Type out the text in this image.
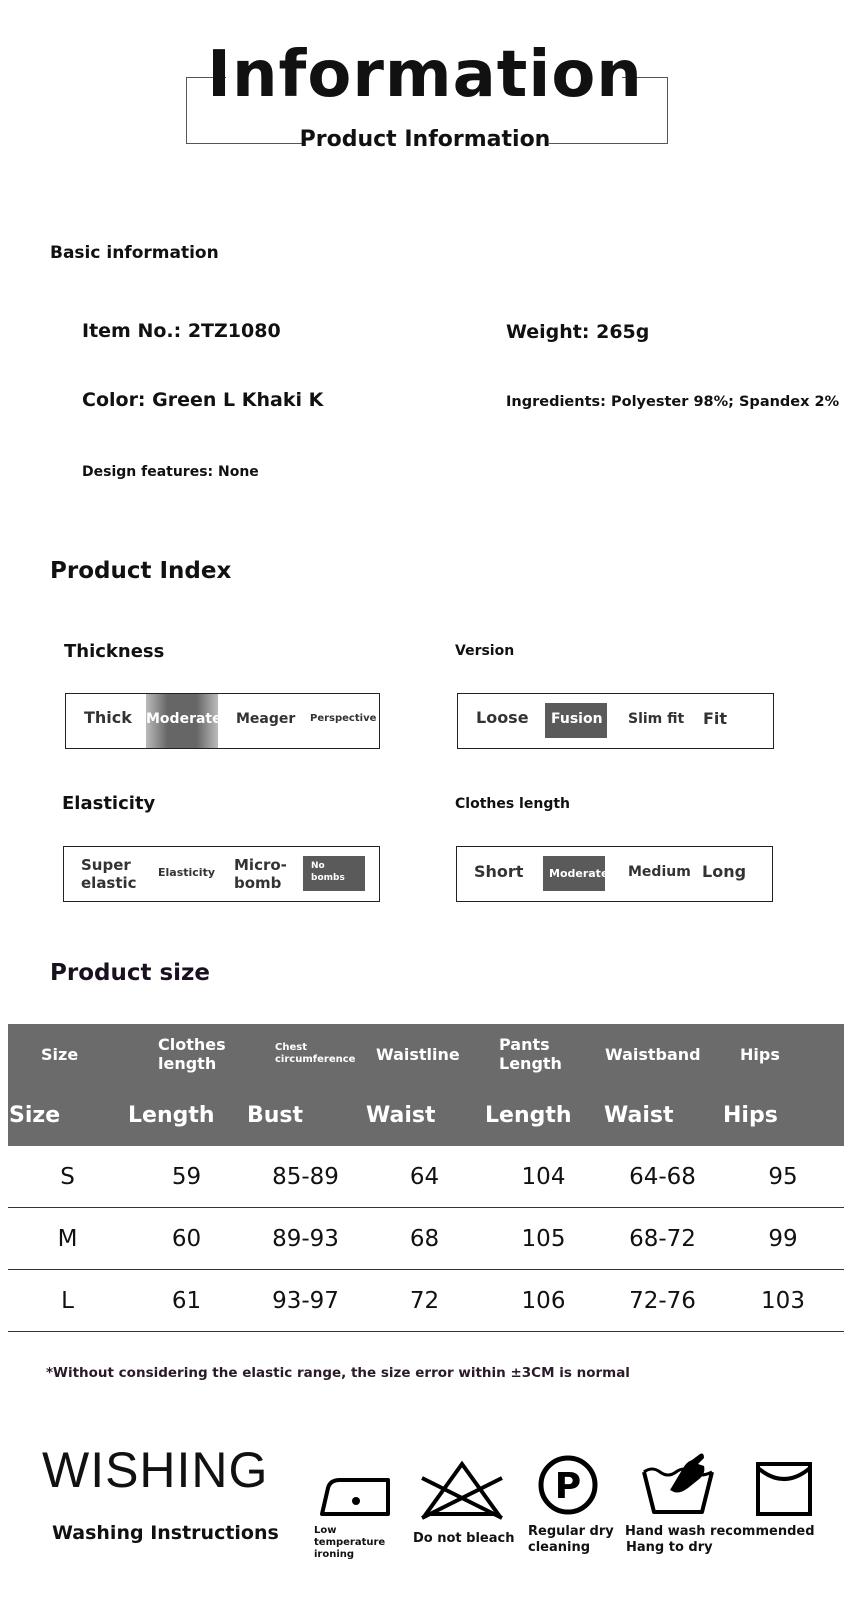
Information
Product Information
Basic information
Item No.: 2TZ1080	Weight: 265g
Color: Green L Khaki K	Ingredients: Polyester 98%; Spandex 2%
Design features: None
Product Index
Thickness
Thick Moderate Meager Perspective
Version
Loose Fusion Slim fit Fit
Elasticity
Super elastic
Elasticity Micro-bomb
No bombs
Clothes length
Short Moderate Medium Long
Product size
Size	Clothes length	Chest circumference	Waistline	Pants Length	Waistband	Hips
Size	Length	Bust	Waist	Length	Waist	Hips
S	59	85-89	64	104	64-68	95
M	60	89-93	68	105	68-72	99
L	61	93-97	72	106	72-76	103
*Without considering the elastic range, the size error within ±3CM is normal
WISHING
Washing Instructions	Low temperature ironing
Do not bleach
P
Regular dry cleaning
Hand wash recommended
Hang to dry
